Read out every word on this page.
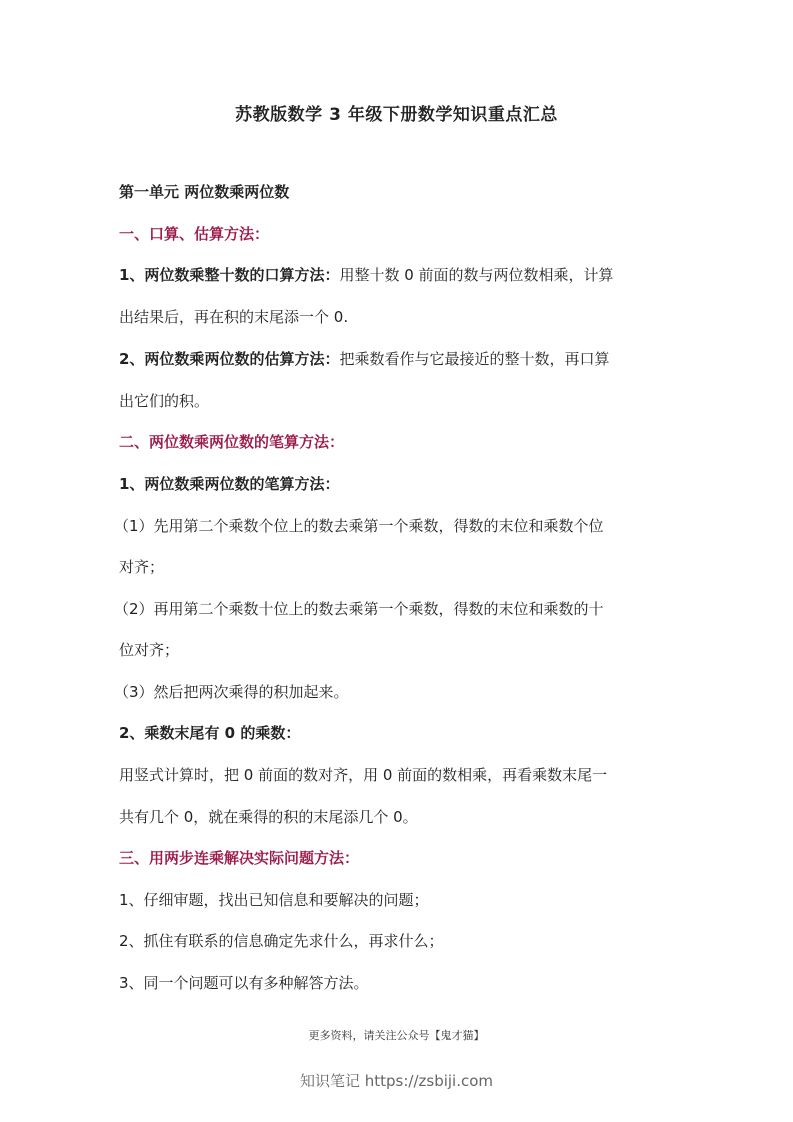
苏教版数学 3 年级下册数学知识重点汇总
第一单元 两位数乘两位数
一、口算、估算方法：
1、两位数乘整十数的口算方法：用整十数 0 前面的数与两位数相乘，计算
出结果后，再在积的末尾添一个 0.
2、两位数乘两位数的估算方法：把乘数看作与它最接近的整十数，再口算
出它们的积。
二、两位数乘两位数的笔算方法：
1、两位数乘两位数的笔算方法：
（1）先用第二个乘数个位上的数去乘第一个乘数，得数的末位和乘数个位
对齐；
（2）再用第二个乘数十位上的数去乘第一个乘数，得数的末位和乘数的十
位对齐；
（3）然后把两次乘得的积加起来。
2、乘数末尾有 0 的乘数：
用竖式计算时，把 0 前面的数对齐，用 0 前面的数相乘，再看乘数末尾一
共有几个 0，就在乘得的积的末尾添几个 0。
三、用两步连乘解决实际问题方法：
1、仔细审题，找出已知信息和要解决的问题；
2、抓住有联系的信息确定先求什么，再求什么；
3、同一个问题可以有多种解答方法。
更多资料，请关注公众号【鬼才猫】
知识笔记 https://zsbiji.com
